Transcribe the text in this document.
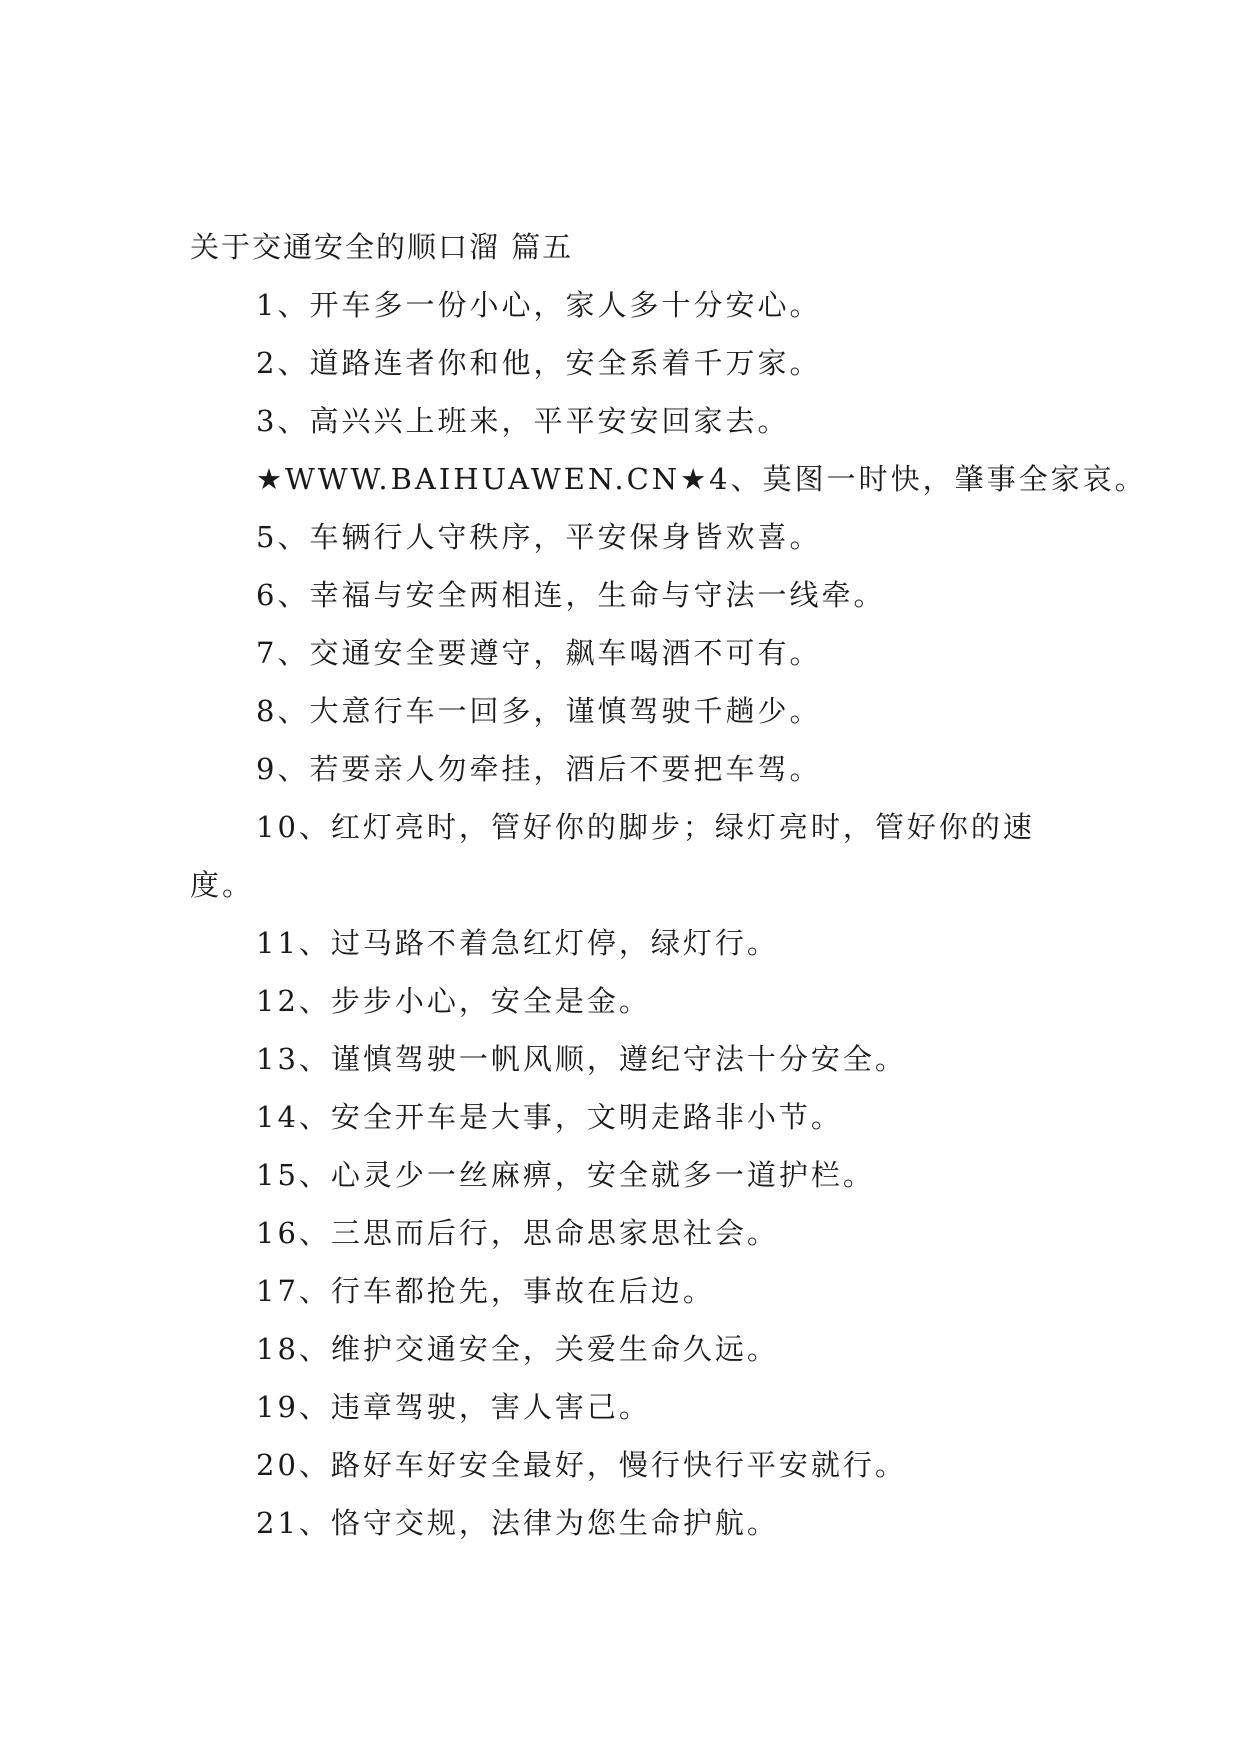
关于交通安全的顺口溜 篇五

1、开车多一份小心，家人多十分安心。

2、道路连者你和他，安全系着千万家。

3、高兴兴上班来，平平安安回家去。

★WWW.BAIHUAWEN.CN★4、莫图一时快，肇事全家哀。

5、车辆行人守秩序，平安保身皆欢喜。

6、幸福与安全两相连，生命与守法一线牵。

7、交通安全要遵守，飙车喝酒不可有。

8、大意行车一回多，谨慎驾驶千趟少。

9、若要亲人勿牵挂，酒后不要把车驾。

10、红灯亮时，管好你的脚步；绿灯亮时，管好你的速度。

11、过马路不着急红灯停，绿灯行。

12、步步小心，安全是金。

13、谨慎驾驶一帆风顺，遵纪守法十分安全。

14、安全开车是大事，文明走路非小节。

15、心灵少一丝麻痹，安全就多一道护栏。

16、三思而后行，思命思家思社会。

17、行车都抢先，事故在后边。

18、维护交通安全，关爱生命久远。

19、违章驾驶，害人害己。

20、路好车好安全最好，慢行快行平安就行。

21、恪守交规，法律为您生命护航。
